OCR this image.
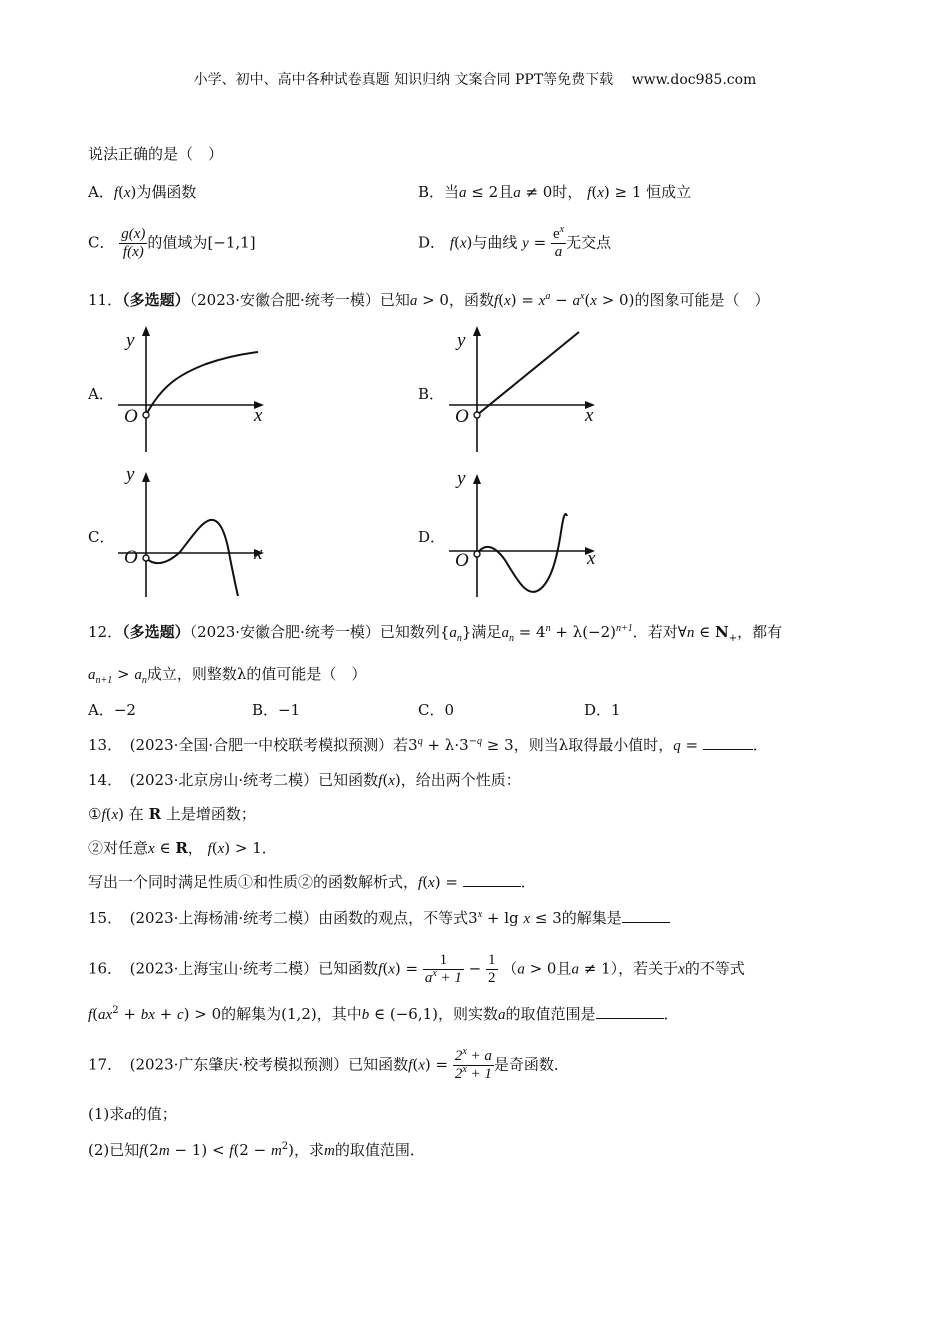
小学、初中、高中各种试卷真题 知识归纳 文案合同 PPT等免费下载　 www.doc985.com
说法正确的是（　）
A．f(x)为偶函数	B．当a ≤ 2且a ≠ 0时， f(x) ≥ 1 恒成立
C． $\frac{g(x)}{f(x)}$ 的值域为[−1,1]	D． f(x)与曲线 $y = \frac{e^x}{a}$ 无交点
11．（多选题）（2023·安徽合肥·统考一模）已知a > 0，函数$f(x) = x^a - a^x(x > 0)$的图象可能是（　）
A．	B．
C．	D．
y
x
O
y
x
O
y
x
O
y
x
O
12．（多选题）（2023·安徽合肥·统考一模）已知数列$\{a_n\}$满足$a_n = 4^n + \lambda(-2)^{n+1}$．若对∀n ∈ $N_+$，都有
$a_{n+1} > a_n$成立，则整数λ的值可能是（　）
A．−2	B．−1	C．0	D．1
13．　(2023·全国·合肥一中校联考模拟预测）若$3^q + \lambda\cdot 3^{-q} \ge 3$，则当λ取得最小值时，q =	．
14．　(2023·北京房山·统考二模）已知函数f(x)，给出两个性质：
①f(x) 在 R 上是增函数；
②对任意x ∈ R， f(x) > 1．
写出一个同时满足性质①和性质②的函数解析式，f(x) =	．
15．　(2023·上海杨浦·统考二模）由函数的观点，不等式$3^x + \lg x \le 3$的解集是
16．　(2023·上海宝山·统考二模）已知函数$f(x) = \frac{1}{a^x + 1} - \frac{1}{2} (a > 0$且a ≠ 1），若关于x的不等式
$f(ax^2$ + bx + c) > 0的解集为(1,2)，其中b ∈ (−6,1)，则实数a的取值范围是	．
17．　(2023·广东肇庆·校考模拟预测）已知函数$f(x) = \frac{2^x + a}{2^x + 1}$ 是奇函数．
(1)求a的值；
(2)已知$f(2m - 1) < f(2 - m^2)$，求m的取值范围．
